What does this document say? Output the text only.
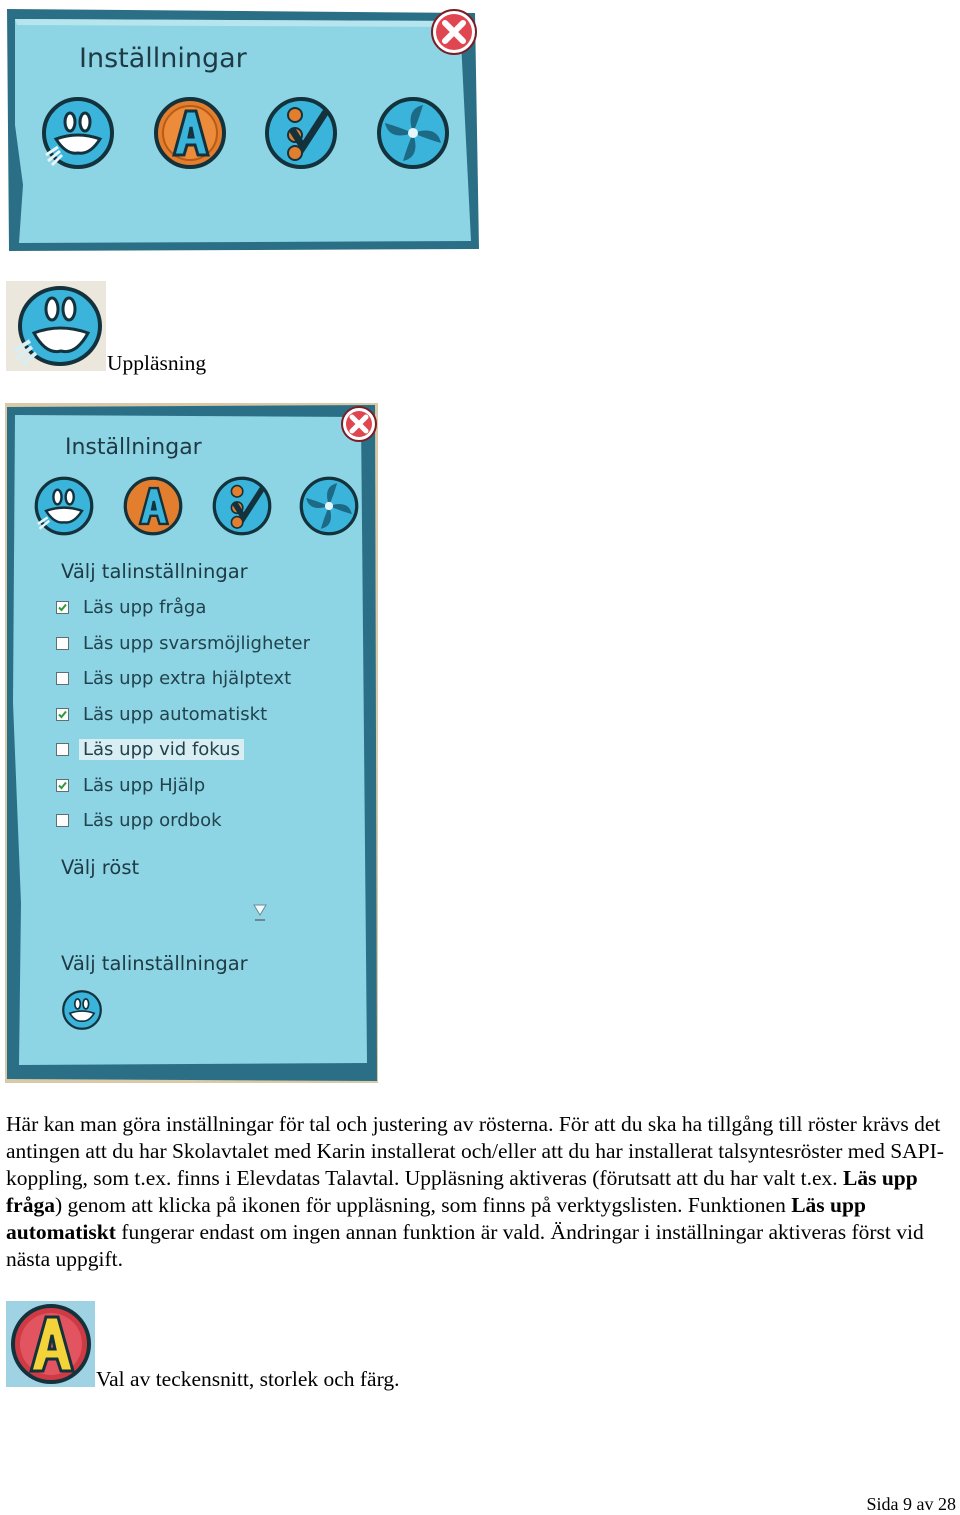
Inställningar
Uppläsning
Inställningar
Välj talinställningar
Läs upp fråga
Läs upp svarsmöjligheter
Läs upp extra hjälptext
Läs upp automatiskt
Läs upp vid fokus
Läs upp Hjälp
Läs upp ordbok
Välj röst
Välj talinställningar
Här kan man göra inställningar för tal och justering av rösterna. För att du ska ha tillgång till röster krävs det antingen att du har Skolavtalet med Karin installerat och/eller att du har installerat talsyntesröster med SAPI-koppling, som t.ex. finns i Elevdatas Talavtal. Uppläsning aktiveras (förutsatt att du har valt t.ex. Läs upp fråga) genom att klicka på ikonen för uppläsning, som finns på verktygslisten. Funktionen Läs upp automatiskt fungerar endast om ingen annan funktion är vald. Ändringar i inställningar aktiveras först vid nästa uppgift.
Val av teckensnitt, storlek och färg.
Sida 9 av 28
